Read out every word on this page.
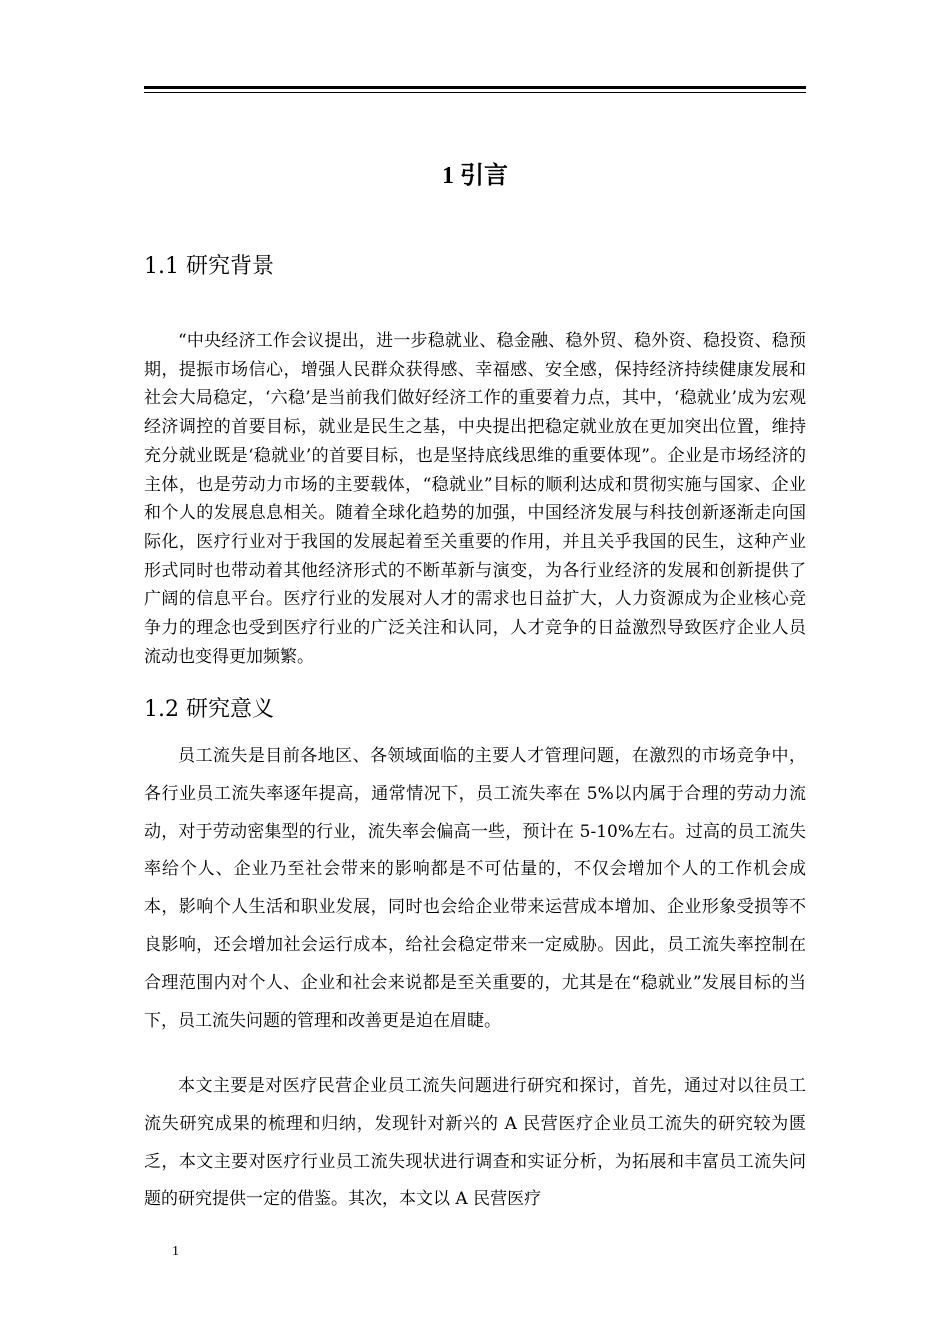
1 引言
1.1 研究背景

“中央经济工作会议提出，进一步稳就业、稳金融、稳外贸、稳外资、稳投资、稳预期，提振市场信心，增强人民群众获得感、幸福感、安全感，保持经济持续健康发展和社会大局稳定，‘六稳’是当前我们做好经济工作的重要着力点，其中，‘稳就业’成为宏观经济调控的首要目标，就业是民生之基，中央提出把稳定就业放在更加突出位置，维持充分就业既是‘稳就业’的首要目标，也是坚持底线思维的重要体现”。企业是市场经济的主体，也是劳动力市场的主要载体，“稳就业”目标的顺利达成和贯彻实施与国家、企业和个人的发展息息相关。随着全球化趋势的加强，中国经济发展与科技创新逐渐走向国际化，医疗行业对于我国的发展起着至关重要的作用，并且关乎我国的民生，这种产业形式同时也带动着其他经济形式的不断革新与演变，为各行业经济的发展和创新提供了广阔的信息平台。医疗行业的发展对人才的需求也日益扩大，人力资源成为企业核心竞争力的理念也受到医疗行业的广泛关注和认同，人才竞争的日益激烈导致医疗企业人员流动也变得更加频繁。

1.2 研究意义

员工流失是目前各地区、各领域面临的主要人才管理问题，在激烈的市场竞争中，各行业员工流失率逐年提高，通常情况下，员工流失率在 5%以内属于合理的劳动力流动，对于劳动密集型的行业，流失率会偏高一些，预计在 5-10%左右。过高的员工流失率给个人、企业乃至社会带来的影响都是不可估量的，不仅会增加个人的工作机会成本，影响个人生活和职业发展，同时也会给企业带来运营成本增加、企业形象受损等不良影响，还会增加社会运行成本，给社会稳定带来一定威胁。因此，员工流失率控制在合理范围内对个人、企业和社会来说都是至关重要的，尤其是在“稳就业”发展目标的当下，员工流失问题的管理和改善更是迫在眉睫。

本文主要是对医疗民营企业员工流失问题进行研究和探讨，首先，通过对以往员工流失研究成果的梳理和归纳，发现针对新兴的 A 民营医疗企业员工流失的研究较为匮乏，本文主要对医疗行业员工流失现状进行调查和实证分析，为拓展和丰富员工流失问题的研究提供一定的借鉴。其次，本文以 A 民营医疗

1
